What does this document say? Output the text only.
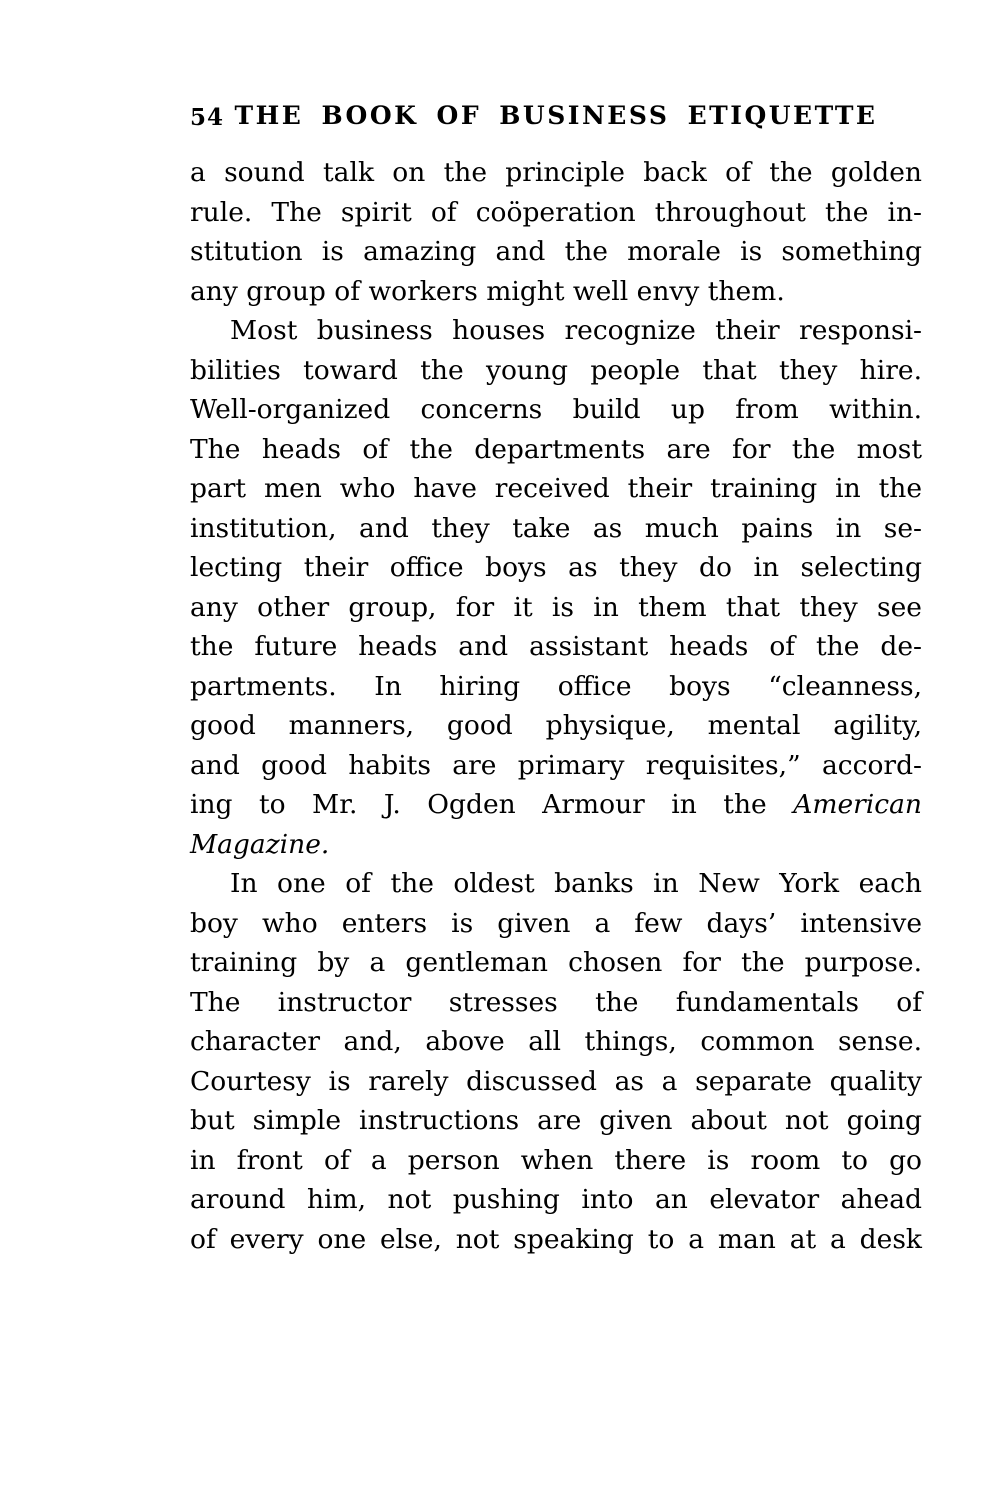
54 THE BOOK OF BUSINESS ETIQUETTE
a sound talk on the principle back of the golden
rule. The spirit of coöperation throughout the in-
stitution is amazing and the morale is something
any group of workers might well envy them.
Most business houses recognize their responsi-
bilities toward the young people that they hire.
Well-organized concerns build up from within.
The heads of the departments are for the most
part men who have received their training in the
institution, and they take as much pains in se-
lecting their office boys as they do in selecting
any other group, for it is in them that they see
the future heads and assistant heads of the de-
partments. In hiring office boys “cleanness,
good manners, good physique, mental agility,
and good habits are primary requisites,” accord-
ing to Mr. J. Ogden Armour in the American
Magazine.
In one of the oldest banks in New York each
boy who enters is given a few days’ intensive
training by a gentleman chosen for the purpose.
The instructor stresses the fundamentals of
character and, above all things, common sense.
Courtesy is rarely discussed as a separate quality
but simple instructions are given about not going
in front of a person when there is room to go
around him, not pushing into an elevator ahead
of every one else, not speaking to a man at a desk
